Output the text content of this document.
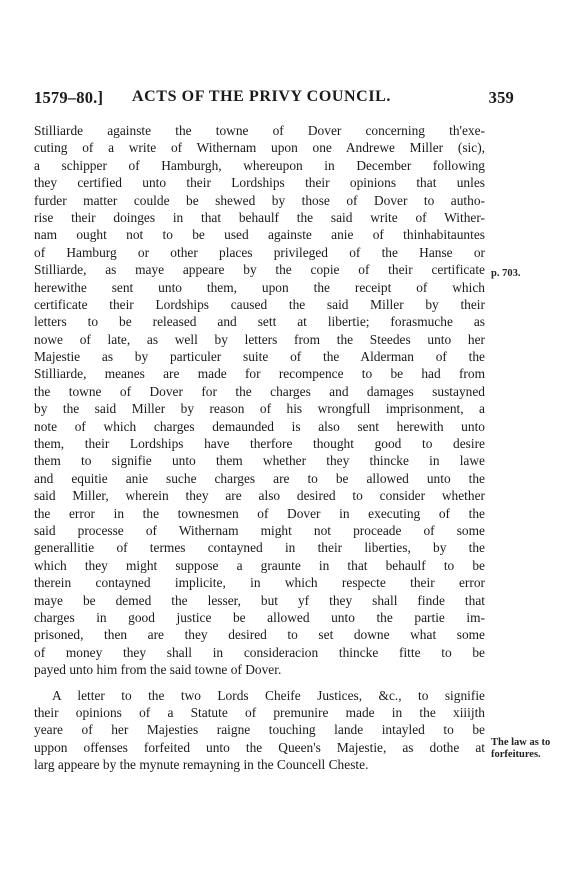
1579–80.] ACTS OF THE PRIVY COUNCIL.	359
Stilliarde againste the towne of Dover concerning th'exe-
cuting of a write of Withernam upon one Andrewe Miller (sic),
a schipper of Hamburgh, whereupon in December following
they certified unto their Lordships their opinions that unles
furder matter coulde be shewed by those of Dover to autho-
rise their doinges in that behaulf the said write of Wither-
nam ought not to be used againste anie of thinhabitauntes
of Hamburg or other places privileged of the Hanse or
Stilliarde, as maye appeare by the copie of their certificate
herewithe sent unto them, upon the receipt of which
certificate their Lordships caused the said Miller by their
letters to be released and sett at libertie; forasmuche as
nowe of late, as well by letters from the Steedes unto her
Majestie as by particuler suite of the Alderman of the
Stilliarde, meanes are made for recompence to be had from
the towne of Dover for the charges and damages sustayned
by the said Miller by reason of his wrongfull imprisonment, a
note of which charges demaunded is also sent herewith unto
them, their Lordships have therfore thought good to desire
them to signifie unto them whether they thincke in lawe
and equitie anie suche charges are to be allowed unto the
said Miller, wherein they are also desired to consider whether
the error in the townesmen of Dover in executing of the
said processe of Withernam might not proceade of some
generallitie of termes contayned in their liberties, by the
which they might suppose a graunte in that behaulf to be
therein contayned implicite, in which respecte their error
maye be demed the lesser, but yf they shall finde that
charges in good justice be allowed unto the partie im-
prisoned, then are they desired to set downe what some
of money they shall in consideracion thincke fitte to be
payed unto him from the said towne of Dover.
A letter to the two Lords Cheife Justices, &c., to signifie
their opinions of a Statute of premunire made in the xiiijth
yeare of her Majesties raigne touching lande intayled to be
uppon offenses forfeited unto the Queen's Majestie, as dothe at
larg appeare by the mynute remayning in the Councell Cheste.
p. 703.
The law as to
forfeitures.
